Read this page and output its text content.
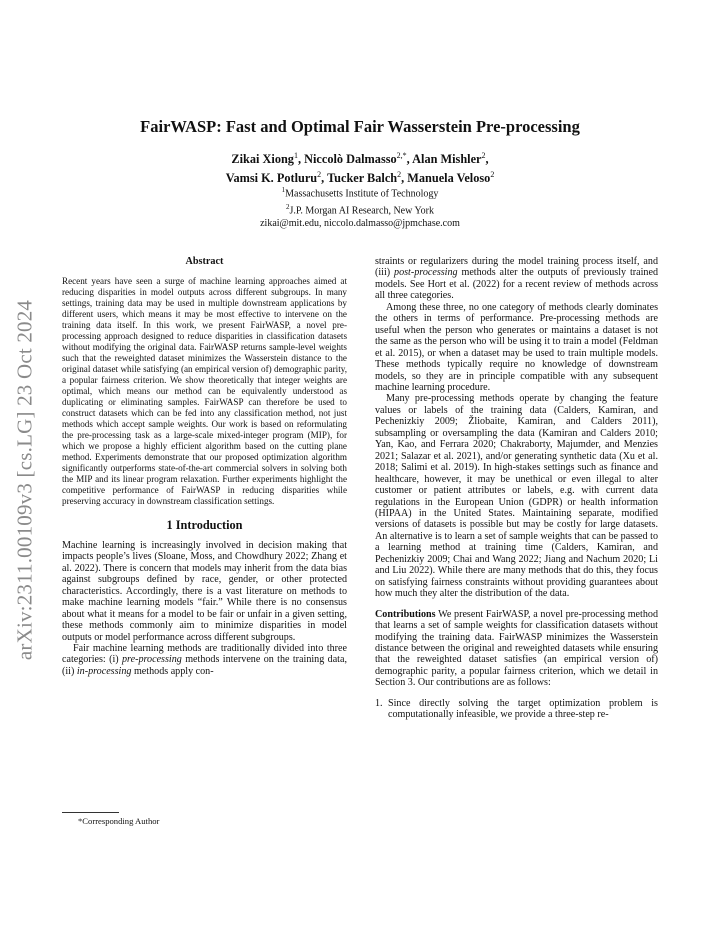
arXiv:2311.00109v3 [cs.LG] 23 Oct 2024
FairWASP: Fast and Optimal Fair Wasserstein Pre-processing
Zikai Xiong$^1$, Niccolò Dalmasso$^{2,*}$, Alan Mishler$^2$,
Vamsi K. Potluru$^2$, Tucker Balch$^2$, Manuela Veloso$^2$
$^1$Massachusetts Institute of Technology
$^2$J.P. Morgan AI Research, New York
zikai@mit.edu, niccolo.dalmasso@jpmchase.com
Abstract

Recent years have seen a surge of machine learning approaches aimed at reducing disparities in model outputs across different subgroups. In many settings, training data may be used in multiple downstream applications by different users, which means it may be most effective to intervene on the training data itself. In this work, we present FairWASP, a novel pre-processing approach designed to reduce disparities in classification datasets without modifying the original data. FairWASP returns sample-level weights such that the reweighted dataset minimizes the Wasserstein distance to the original dataset while satisfying (an empirical version of) demographic parity, a popular fairness criterion. We show theoretically that integer weights are optimal, which means our method can be equivalently understood as duplicating or eliminating samples. FairWASP can therefore be used to construct datasets which can be fed into any classification method, not just methods which accept sample weights. Our work is based on reformulating the pre-processing task as a large-scale mixed-integer program (MIP), for which we propose a highly efficient algorithm based on the cutting plane method. Experiments demonstrate that our proposed optimization algorithm significantly outperforms state-of-the-art commercial solvers in solving both the MIP and its linear program relaxation. Further experiments highlight the competitive performance of FairWASP in reducing disparities while preserving accuracy in downstream classification settings.

1 Introduction

Machine learning is increasingly involved in decision making that impacts people’s lives (Sloane, Moss, and Chowdhury 2022; Zhang et al. 2022). There is concern that models may inherit from the data bias against subgroups defined by race, gender, or other protected characteristics. Accordingly, there is a vast literature on methods to make machine learning models “fair.” While there is no consensus about what it means for a model to be fair or unfair in a given setting, these methods commonly aim to minimize disparities in model outputs or model performance across different subgroups.

Fair machine learning methods are traditionally divided into three categories: (i) pre-processing methods intervene on the training data, (ii) in-processing methods apply con-

straints or regularizers during the model training process itself, and (iii) post-processing methods alter the outputs of previously trained models. See Hort et al. (2022) for a recent review of methods across all three categories.

Among these three, no one category of methods clearly dominates the others in terms of performance. Pre-processing methods are useful when the person who generates or maintains a dataset is not the same as the person who will be using it to train a model (Feldman et al. 2015), or when a dataset may be used to train multiple models. These methods typically require no knowledge of downstream models, so they are in principle compatible with any subsequent machine learning procedure.

Many pre-processing methods operate by changing the feature values or labels of the training data (Calders, Kamiran, and Pechenizkiy 2009; Žliobaite, Kamiran, and Calders 2011), subsampling or oversampling the data (Kamiran and Calders 2010; Yan, Kao, and Ferrara 2020; Chakraborty, Majumder, and Menzies 2021; Salazar et al. 2021), and/or generating synthetic data (Xu et al. 2018; Salimi et al. 2019). In high-stakes settings such as finance and healthcare, however, it may be unethical or even illegal to alter customer or patient attributes or labels, e.g. with current data regulations in the European Union (GDPR) or health information (HIPAA) in the United States. Maintaining separate, modified versions of datasets is possible but may be costly for large datasets. An alternative is to learn a set of sample weights that can be passed to a learning method at training time (Calders, Kamiran, and Pechenizkiy 2009; Chai and Wang 2022; Jiang and Nachum 2020; Li and Liu 2022). While there are many methods that do this, they focus on satisfying fairness constraints without providing guarantees about how much they alter the distribution of the data.

Contributions We present FairWASP, a novel pre-processing method that learns a set of sample weights for classification datasets without modifying the training data. FairWASP minimizes the Wasserstein distance between the original and reweighted datasets while ensuring that the reweighted dataset satisfies (an empirical version of) demographic parity, a popular fairness criterion, which we detail in Section 3. Our contributions are as follows:

1. Since directly solving the target optimization problem is computationally infeasible, we provide a three-step re-
*Corresponding Author
